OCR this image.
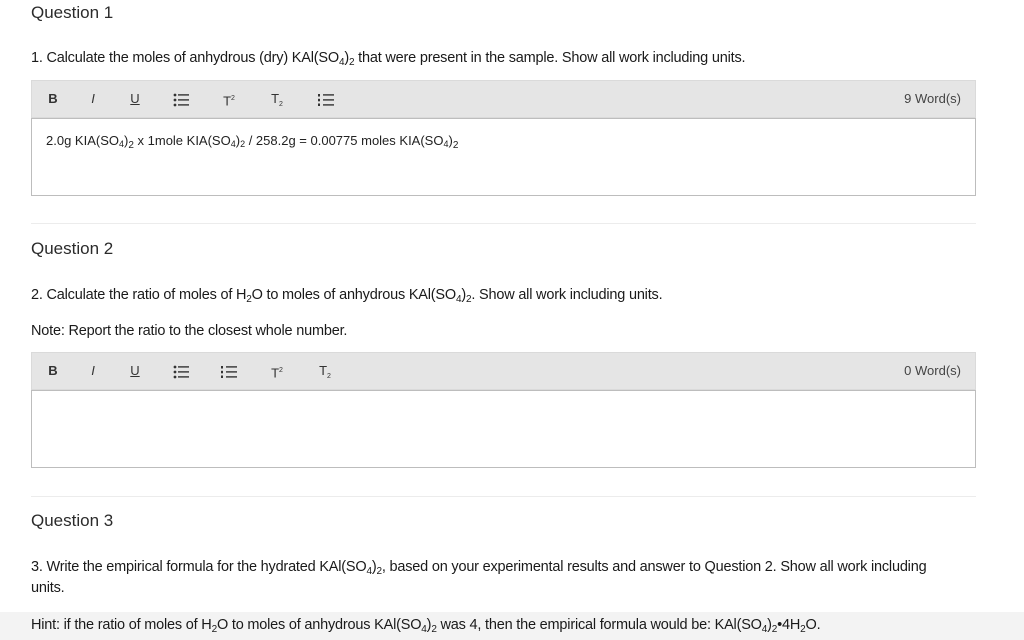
Question 1
1. Calculate the moles of anhydrous (dry) $KAl(SO_4)_2$ that were present in the sample. Show all work including units.
B	I	U	$T^2$	$T_2$	9 Word(s)
2.0g $KIA(SO_4)_2$ x 1mole $KIA(SO_4)_2 / 258.2g = 0.00775$ moles $KIA(SO_4)_2$
Question 2
2. Calculate the ratio of moles of $H_2O$ to moles of anhydrous $KAl(SO_4)_2$. Show all work including units.
Note: Report the ratio to the closest whole number.
B	I	U	$T^2$	$T_2$	0 Word(s)
Question 3
3. Write the empirical formula for the hydrated $KAl(SO_4)_2$, based on your experimental results and answer to Question 2. Show all work including units.
Hint: if the ratio of moles of $H_2O$ to moles of anhydrous $KAl(SO_4)_2$ was 4, then the empirical formula would be: $KAl(SO_4)_2•4H_2O$.
